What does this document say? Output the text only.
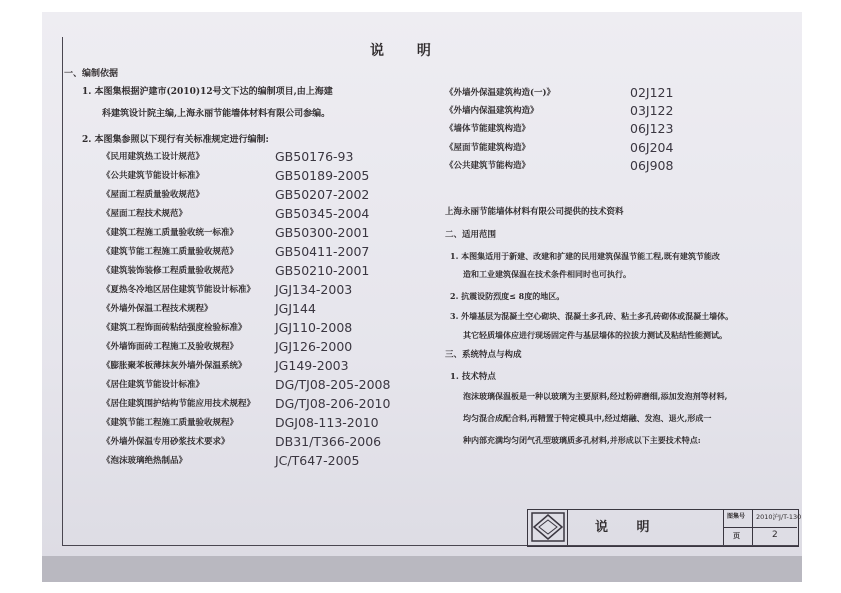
说 明
一、编制依据
1. 本图集根据沪建市(2010)12号文下达的编制项目,由上海建
科建筑设计院主编,上海永丽节能墙体材料有限公司参编。
2. 本图集参照以下现行有关标准规定进行编制:
《民用建筑热工设计规范》	GB50176-93
《公共建筑节能设计标准》	GB50189-2005
《屋面工程质量验收规范》	GB50207-2002
《屋面工程技术规范》	GB50345-2004
《建筑工程施工质量验收统一标准》	GB50300-2001
《建筑节能工程施工质量验收规范》	GB50411-2007
《建筑装饰装修工程质量验收规范》	GB50210-2001
《夏热冬冷地区居住建筑节能设计标准》 JGJ134-2003
《外墙外保温工程技术规程》	JGJ144
《建筑工程饰面砖粘结强度检验标准》 JGJ110-2008
《外墙饰面砖工程施工及验收规程》	JGJ126-2000
《膨胀聚苯板薄抹灰外墙外保温系统》 JG149-2003
《居住建筑节能设计标准》	DG/TJ08-205-2008
《居住建筑围护结构节能应用技术规程》 DG/TJ08-206-2010
《建筑节能工程施工质量验收规程》	DGJ08-113-2010
《外墙外保温专用砂浆技术要求》	DB31/T366-2006
《泡沫玻璃绝热制品》	JC/T647-2005
《外墙外保温建筑构造(一)》	02J121
《外墙内保温建筑构造》	03J122
《墙体节能建筑构造》	06J123
《屋面节能建筑构造》	06J204
《公共建筑节能构造》	06J908
上海永丽节能墙体材料有限公司提供的技术资料
二、适用范围
1. 本图集适用于新建、改建和扩建的民用建筑保温节能工程,既有建筑节能改
造和工业建筑保温在技术条件相同时也可执行。
2. 抗震设防烈度≤ 8度的地区。
3. 外墙基层为混凝土空心砌块、混凝土多孔砖、粘土多孔砖砌体或混凝土墙体。
其它轻质墙体应进行现场固定件与基层墙体的拉拔力测试及粘结性能测试。
三、系统特点与构成
1. 技术特点
泡沫玻璃保温板是一种以玻璃为主要原料,经过粉碎磨细,添加发泡剂等材料,
均匀混合成配合料,再精置于特定模具中,经过熔融、发泡、退火,形成一
种内部充满均匀闭气孔型玻璃质多孔材料,并形成以下主要技术特点:
说 明
图集号 2010沪J/T-130
页	2
